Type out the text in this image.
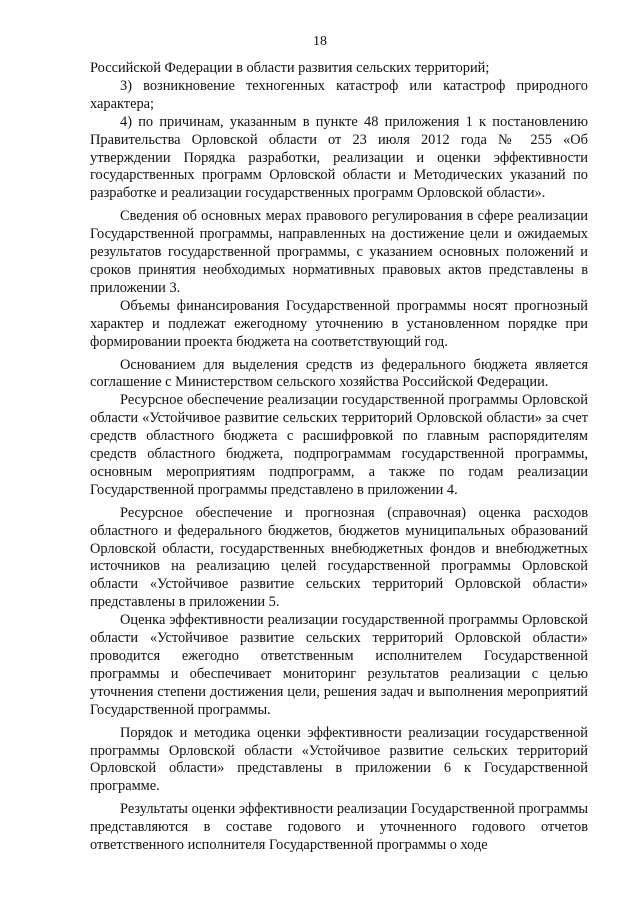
18

Российской Федерации в области развития сельских территорий;

3) возникновение техногенных катастроф или катастроф природного характера;

4) по причинам, указанным в пункте 48 приложения 1 к постановлению Правительства Орловской области от 23 июля 2012 года № 255 «Об утверждении Порядка разработки, реализации и оценки эффективности государственных программ Орловской области и Методических указаний по разработке и реализации государственных программ Орловской области».

Сведения об основных мерах правового регулирования в сфере реализации Государственной программы, направленных на достижение цели и ожидаемых результатов государственной программы, с указанием основных положений и сроков принятия необходимых нормативных правовых актов представлены в приложении 3.

Объемы финансирования Государственной программы носят прогнозный характер и подлежат ежегодному уточнению в установленном порядке при формировании проекта бюджета на соответствующий год.

Основанием для выделения средств из федерального бюджета является соглашение с Министерством сельского хозяйства Российской Федерации.

Ресурсное обеспечение реализации государственной программы Орловской области «Устойчивое развитие сельских территорий Орловской области» за счет средств областного бюджета с расшифровкой по главным распорядителям средств областного бюджета, подпрограммам государственной программы, основным мероприятиям подпрограмм, а также по годам реализации Государственной программы представлено в приложении 4.

Ресурсное обеспечение и прогнозная (справочная) оценка расходов областного и федерального бюджетов, бюджетов муниципальных образований Орловской области, государственных внебюджетных фондов и внебюджетных источников на реализацию целей государственной программы Орловской области «Устойчивое развитие сельских территорий Орловской области» представлены в приложении 5.

Оценка эффективности реализации государственной программы Орловской области «Устойчивое развитие сельских территорий Орловской области» проводится ежегодно ответственным исполнителем Государственной программы и обеспечивает мониторинг результатов реализации с целью уточнения степени достижения цели, решения задач и выполнения мероприятий Государственной программы.

Порядок и методика оценки эффективности реализации государственной программы Орловской области «Устойчивое развитие сельских территорий Орловской области» представлены в приложении 6 к Государственной программе.

Результаты оценки эффективности реализации Государственной программы представляются в составе годового и уточненного годового отчетов ответственного исполнителя Государственной программы о ходе
